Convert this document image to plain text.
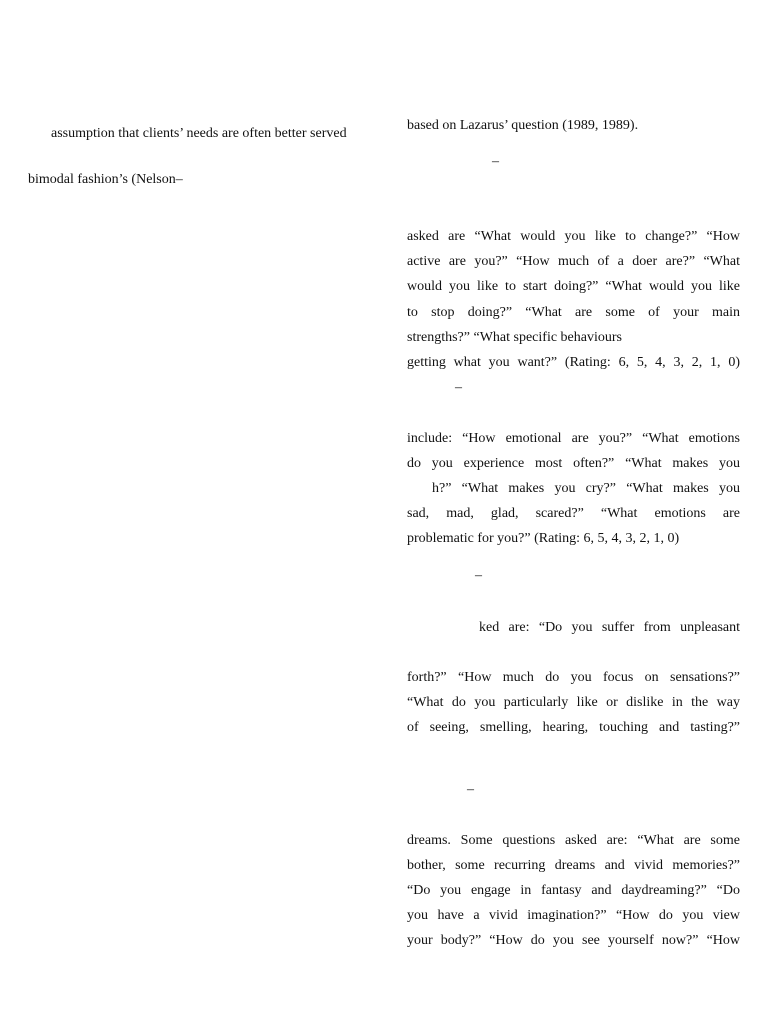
assumption that clients’ needs are often better served
bimodal fashion’s (Nelson–
based on Lazarus’ question (1989, 1989).
–
asked are “What would you like to change?” “How
active are you?” “How much of a doer are?” “What
would you like to start doing?” “What would you like
to stop doing?” “What are some of your main
strengths?” “What specific behaviours
getting what you want?” (Rating: 6, 5, 4, 3, 2, 1, 0)
–
include: “How emotional are you?” “What emotions
do you experience most often?” “What makes you
h?” “What makes you cry?” “What makes you
sad, mad, glad, scared?” “What emotions are
problematic for you?” (Rating: 6, 5, 4, 3, 2, 1, 0)
–
ked are: “Do you suffer from unpleasant
forth?” “How much do you focus on sensations?”
“What do you particularly like or dislike in the way
of seeing, smelling, hearing, touching and tasting?”
–
dreams. Some questions asked are: “What are some
bother, some recurring dreams and vivid memories?”
“Do you engage in fantasy and daydreaming?” “Do
you have a vivid imagination?” “How do you view
your body?” “How do you see yourself now?” “How
